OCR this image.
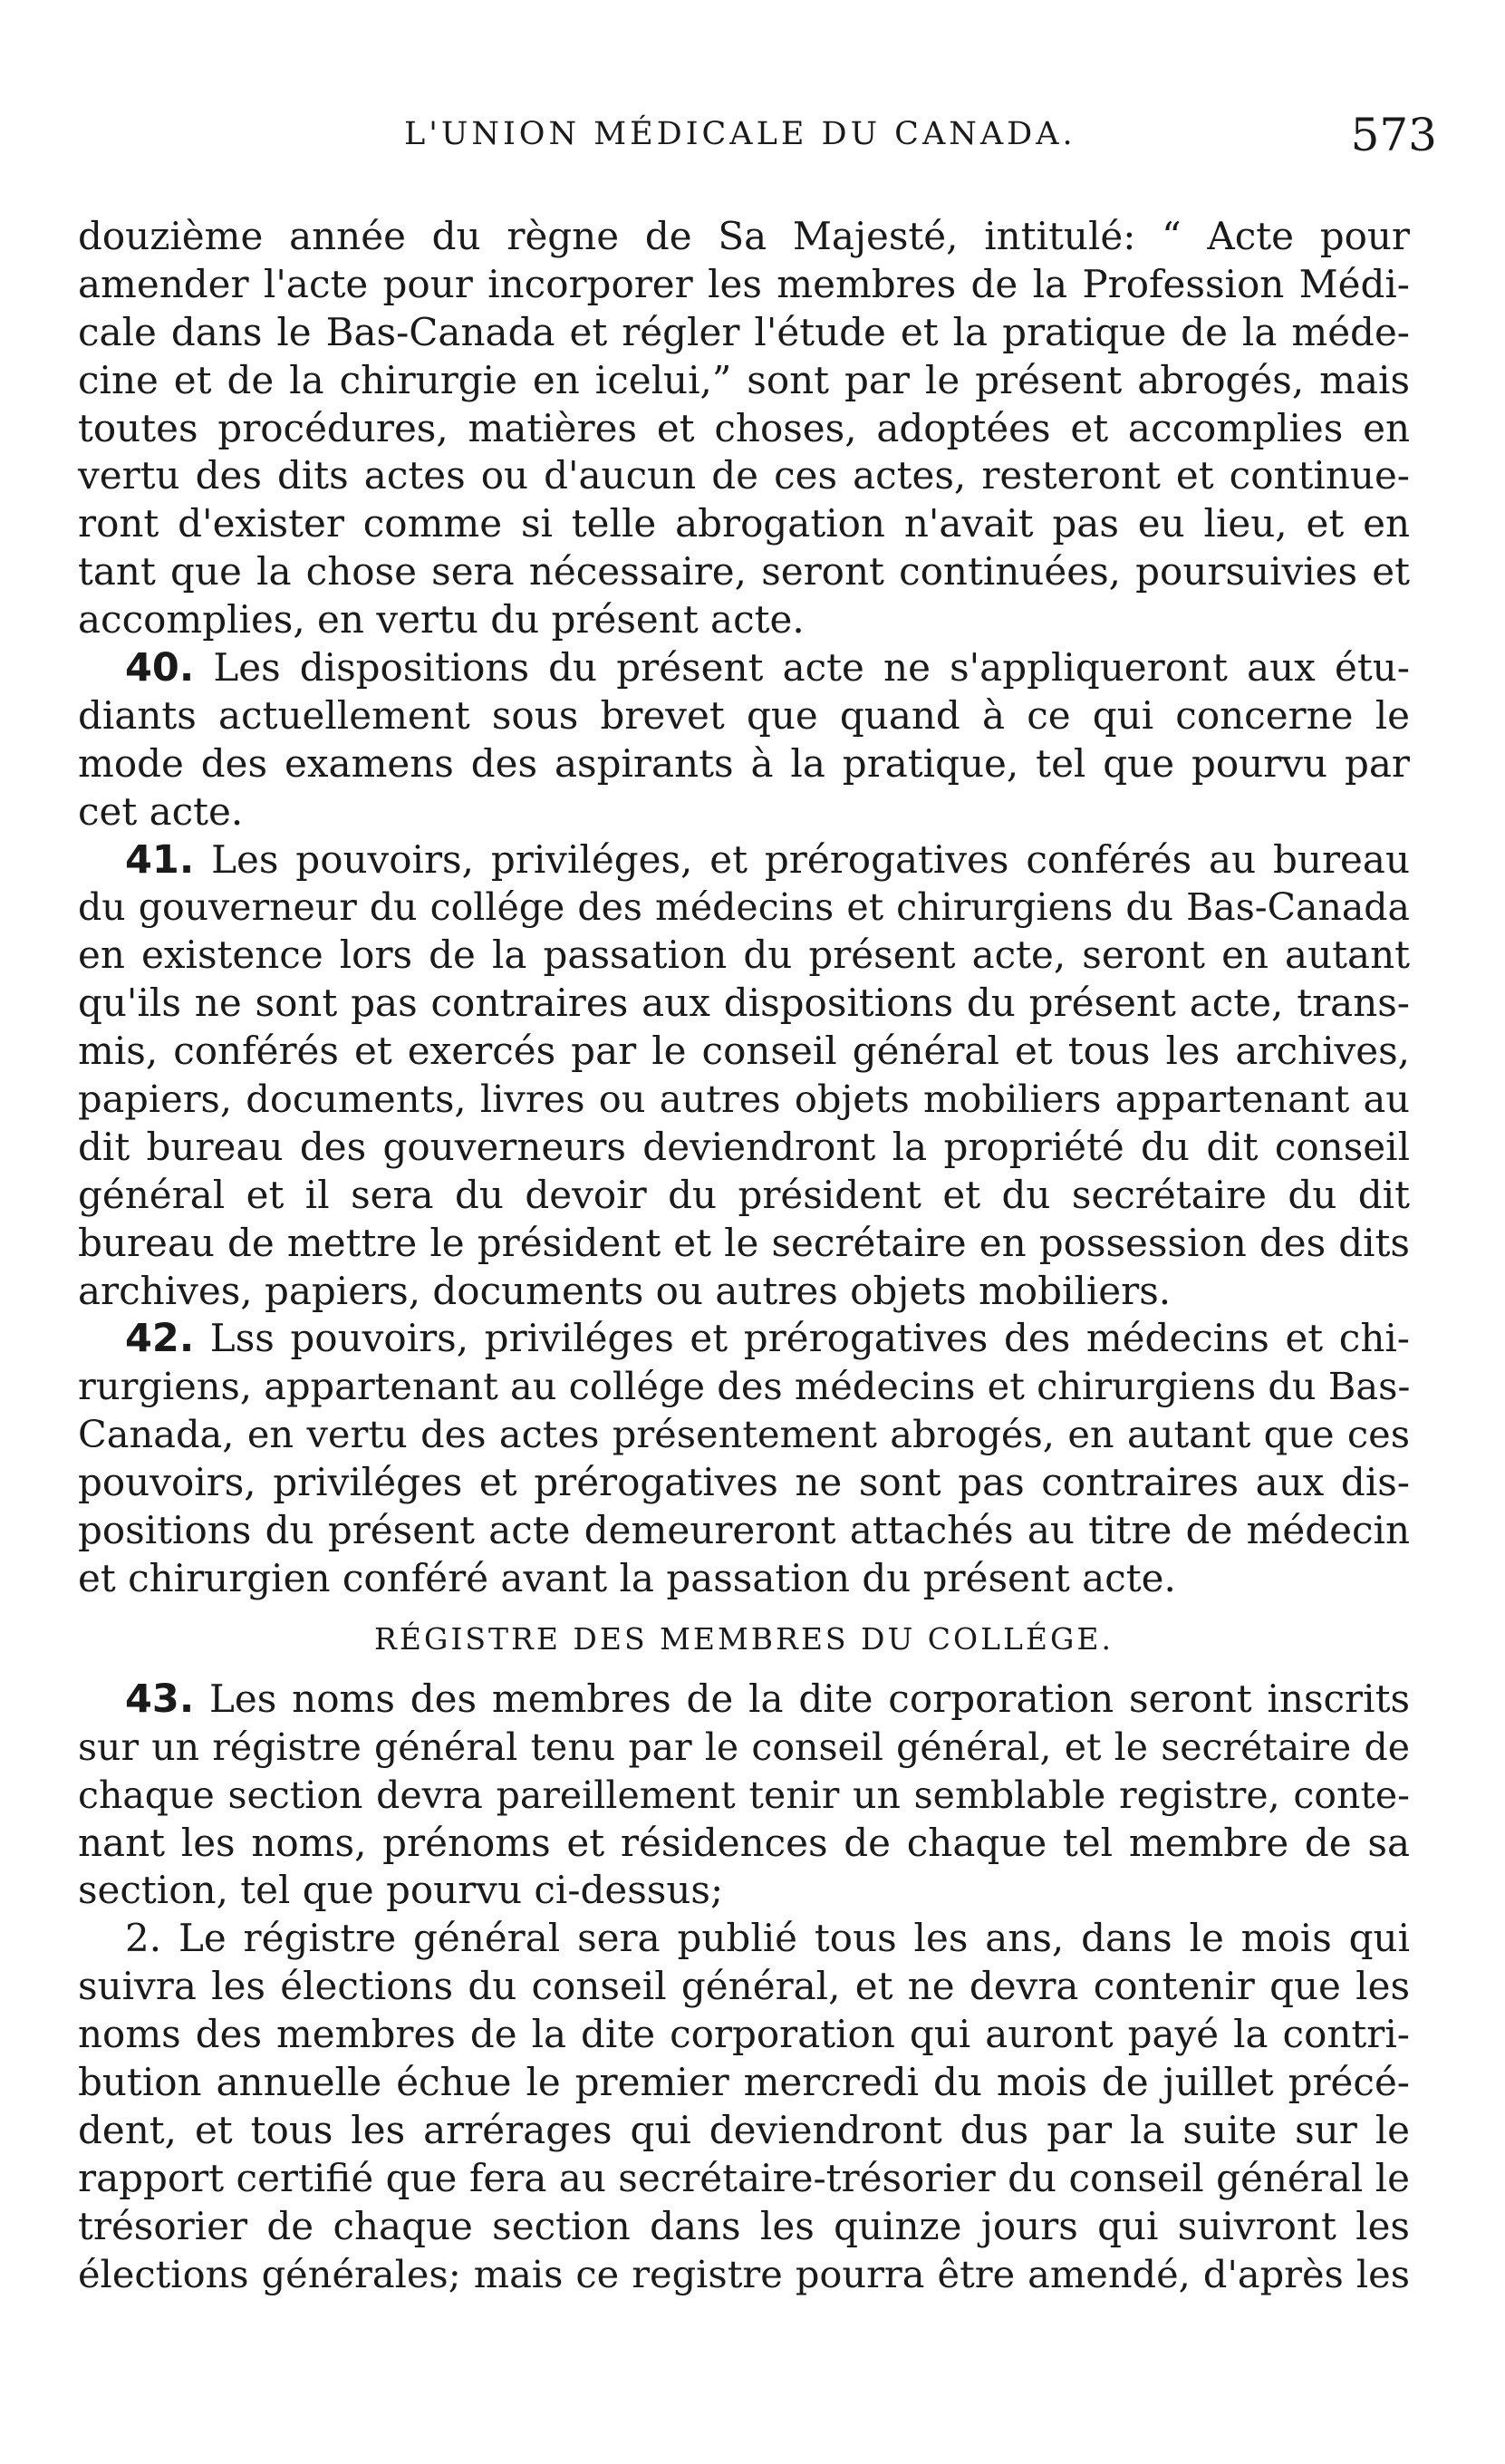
L'UNION MÉDICALE DU CANADA.	573
douzième année du règne de Sa Majesté, intitulé: “ Acte pour
amender l'acte pour incorporer les membres de la Profession Médi-
cale dans le Bas-Canada et régler l'étude et la pratique de la méde-
cine et de la chirurgie en icelui,” sont par le présent abrogés, mais
toutes procédures, matières et choses, adoptées et accomplies en
vertu des dits actes ou d'aucun de ces actes, resteront et continue-
ront d'exister comme si telle abrogation n'avait pas eu lieu, et en
tant que la chose sera nécessaire, seront continuées, poursuivies et
accomplies, en vertu du présent acte.
40. Les dispositions du présent acte ne s'appliqueront aux étu-
diants actuellement sous brevet que quand à ce qui concerne le
mode des examens des aspirants à la pratique, tel que pourvu par
cet acte.
41. Les pouvoirs, priviléges, et prérogatives conférés au bureau
du gouverneur du collége des médecins et chirurgiens du Bas-Canada
en existence lors de la passation du présent acte, seront en autant
qu'ils ne sont pas contraires aux dispositions du présent acte, trans-
mis, conférés et exercés par le conseil général et tous les archives,
papiers, documents, livres ou autres objets mobiliers appartenant au
dit bureau des gouverneurs deviendront la propriété du dit conseil
général et il sera du devoir du président et du secrétaire du dit
bureau de mettre le président et le secrétaire en possession des dits
archives, papiers, documents ou autres objets mobiliers.
42. Lss pouvoirs, priviléges et prérogatives des médecins et chi-
rurgiens, appartenant au collége des médecins et chirurgiens du Bas-
Canada, en vertu des actes présentement abrogés, en autant que ces
pouvoirs, priviléges et prérogatives ne sont pas contraires aux dis-
positions du présent acte demeureront attachés au titre de médecin
et chirurgien conféré avant la passation du présent acte.
RÉGISTRE DES MEMBRES DU COLLÉGE.
43. Les noms des membres de la dite corporation seront inscrits
sur un régistre général tenu par le conseil général, et le secrétaire de
chaque section devra pareillement tenir un semblable registre, conte-
nant les noms, prénoms et résidences de chaque tel membre de sa
section, tel que pourvu ci-dessus;
2. Le régistre général sera publié tous les ans, dans le mois qui
suivra les élections du conseil général, et ne devra contenir que les
noms des membres de la dite corporation qui auront payé la contri-
bution annuelle échue le premier mercredi du mois de juillet précé-
dent, et tous les arrérages qui deviendront dus par la suite sur le
rapport certifié que fera au secrétaire-trésorier du conseil général le
trésorier de chaque section dans les quinze jours qui suivront les
élections générales; mais ce registre pourra être amendé, d'après les
